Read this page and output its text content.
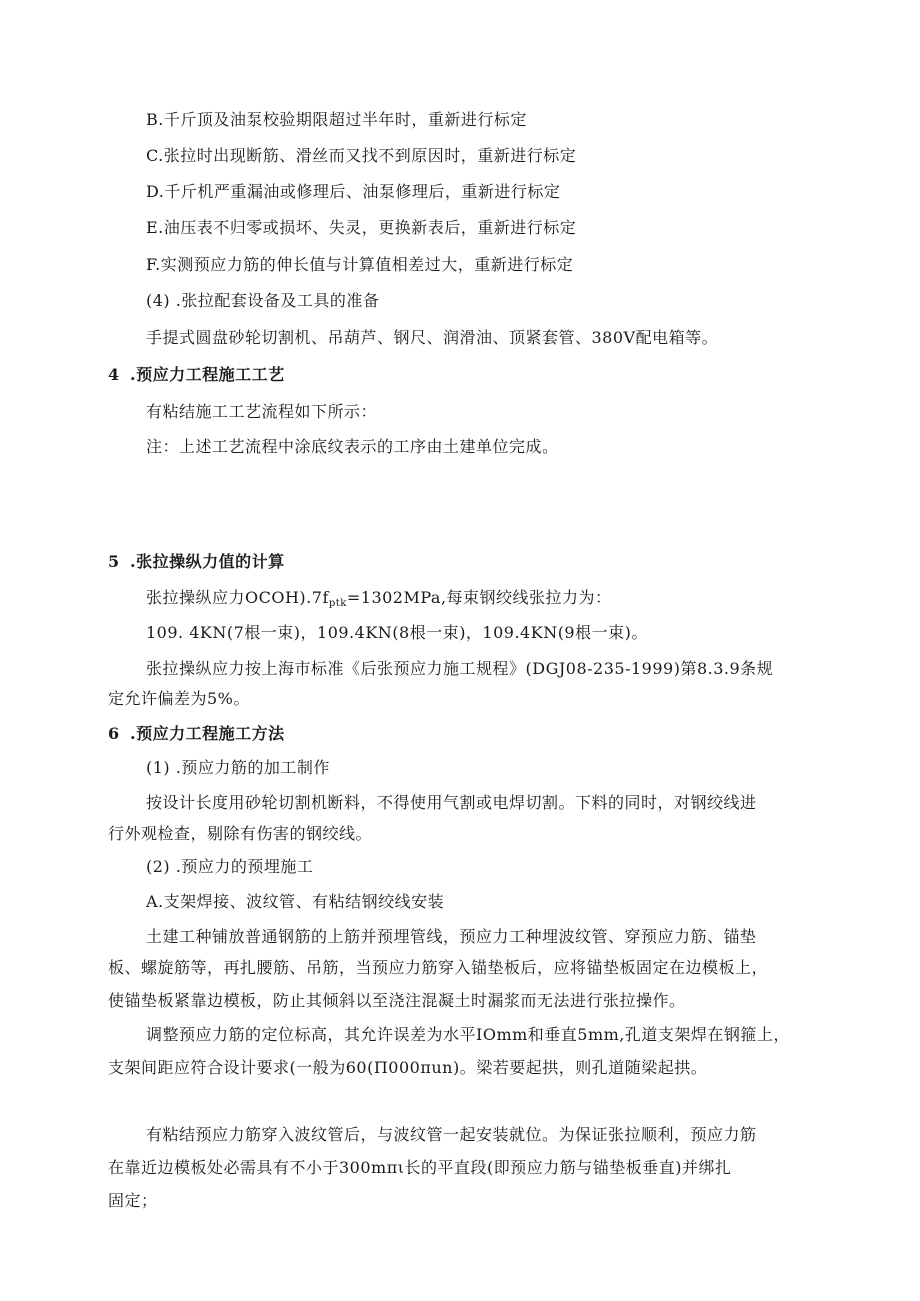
B.千斤顶及油泵校验期限超过半年时，重新进行标定
C.张拉时出现断筋、滑丝而又找不到原因时，重新进行标定
D.千斤机严重漏油或修理后、油泵修理后，重新进行标定
E.油压表不归零或损坏、失灵，更换新表后，重新进行标定
F.实测预应力筋的伸长值与计算值相差过大，重新进行标定
(4) .张拉配套设备及工具的准备
手提式圆盘砂轮切割机、吊葫芦、钢尺、润滑油、顶紧套管、380V配电箱等。
4 .预应力工程施工工艺
有粘结施工工艺流程如下所示：
注：上述工艺流程中涂底纹表示的工序由土建单位完成。
5 .张拉操纵力值的计算
张拉操纵应力$OCOH).7f_{ptk}=1302MPa$,每束钢绞线张拉力为：
109. 4KN(7根一束)，109.4KN(8根一束)，109.4KN(9根一束)。
张拉操纵应力按上海市标准《后张预应力施工规程》(DGJ08-235-1999)第8.3.9条规
定允许偏差为5%。
6 .预应力工程施工方法
(1) .预应力筋的加工制作
按设计长度用砂轮切割机断料，不得使用气割或电焊切割。下料的同时，对钢绞线进
行外观检查，剔除有伤害的钢绞线。
(2) .预应力的预埋施工
A.支架焊接、波纹管、有粘结钢绞线安装
土建工种铺放普通钢筋的上筋并预埋管线，预应力工种埋波纹管、穿预应力筋、锚垫
板、螺旋筋等，再扎腰筋、吊筋，当预应力筋穿入锚垫板后，应将锚垫板固定在边模板上，
使锚垫板紧靠边模板，防止其倾斜以至浇注混凝土时漏浆而无法进行张拉操作。
调整预应力筋的定位标高，其允许误差为水平IOmm和垂直5mm,孔道支架焊在钢箍上，
支架间距应符合设计要求(一般为60(Π000πun)。梁若要起拱，则孔道随梁起拱。
有粘结预应力筋穿入波纹管后，与波纹管一起安装就位。为保证张拉顺利，预应力筋
在靠近边模板处必需具有不小于300mπι长的平直段(即预应力筋与锚垫板垂直)并绑扎
固定；
